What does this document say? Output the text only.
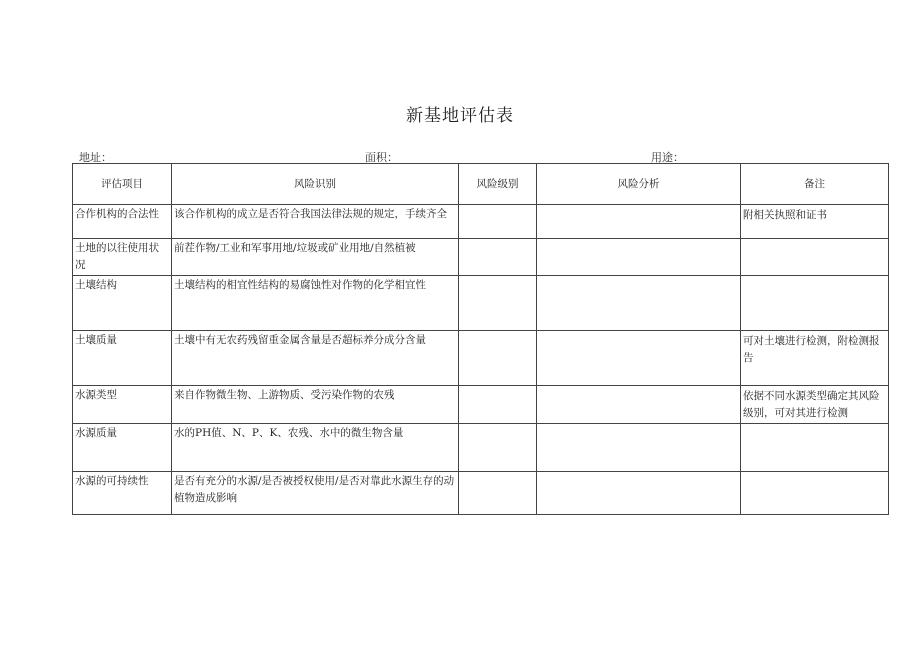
新基地评估表
地址：	面积：	用途：
评估项目	风险识别	风险级别	风险分析	备注
合作机构的合法性	该合作机构的成立是否符合我国法律法规的规定，手续齐全			附相关执照和证书
土地的以往使用状况	前茬作物/工业和军事用地/垃圾或矿业用地/自然植被			
土壤结构	土壤结构的相宜性结构的易腐蚀性对作物的化学相宜性			
土壤质量	土壤中有无农药残留重金属含量是否超标养分成分含量			可对土壤进行检测，附检测报告
水源类型	来自作物微生物、上游物质、受污染作物的农残			依据不同水源类型确定其风险级别，可对其进行检测
水源质量	水的PH值、N、P、K、农残、水中的微生物含量			
水源的可持续性	是否有充分的水源/是否被授权使用/是否对靠此水源生存的动植物造成影响			
